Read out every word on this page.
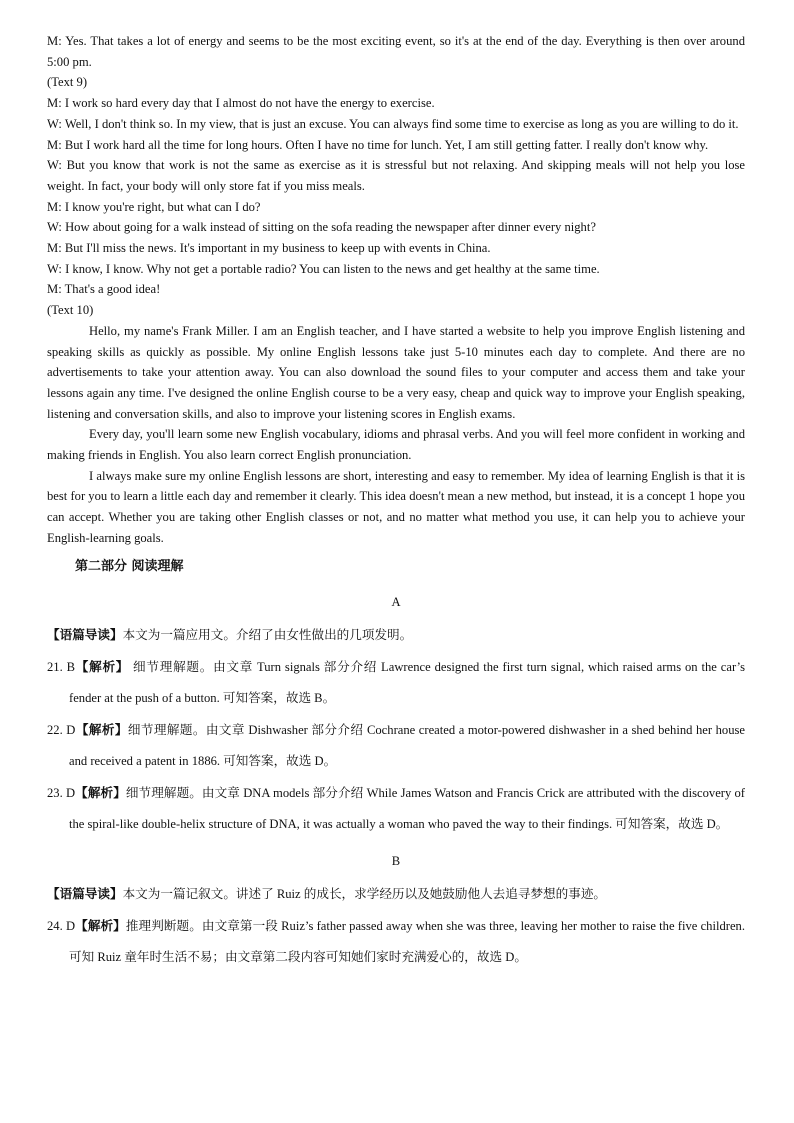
M: Yes. That takes a lot of energy and seems to be the most exciting event, so it's at the end of the day. Everything is then over around 5:00 pm.

(Text 9)

M: I work so hard every day that I almost do not have the energy to exercise.

W: Well, I don't think so. In my view, that is just an excuse. You can always find some time to exercise as long as you are willing to do it.

M: But I work hard all the time for long hours. Often I have no time for lunch. Yet, I am still getting fatter. I really don't know why.

W: But you know that work is not the same as exercise as it is stressful but not relaxing. And skipping meals will not help you lose weight. In fact, your body will only store fat if you miss meals.

M: I know you're right, but what can I do?

W: How about going for a walk instead of sitting on the sofa reading the newspaper after dinner every night?

M: But I'll miss the news. It's important in my business to keep up with events in China.

W: I know, I know. Why not get a portable radio? You can listen to the news and get healthy at the same time.

M: That's a good idea!

(Text 10)

Hello, my name's Frank Miller. I am an English teacher, and I have started a website to help you improve English listening and speaking skills as quickly as possible. My online English lessons take just 5-10 minutes each day to complete. And there are no advertisements to take your attention away. You can also download the sound files to your computer and access them and take your lessons again any time. I've designed the online English course to be a very easy, cheap and quick way to improve your English speaking, listening and conversation skills, and also to improve your listening scores in English exams.

Every day, you'll learn some new English vocabulary, idioms and phrasal verbs. And you will feel more confident in working and making friends in English. You also learn correct English pronunciation.

I always make sure my online English lessons are short, interesting and easy to remember. My idea of learning English is that it is best for you to learn a little each day and remember it clearly. This idea doesn't mean a new method, but instead, it is a concept 1 hope you can accept. Whether you are taking other English classes or not, and no matter what method you use, it can help you to achieve your English-learning goals.

第二部分 阅读理解

A

【语篇导读】本文为一篇应用文。介绍了由女性做出的几项发明。

21. B【解析】 细节理解题。由文章 Turn signals 部分介绍 Lawrence designed the first turn signal, which raised arms on the car’s fender at the push of a button. 可知答案，故选 B。

22. D【解析】细节理解题。由文章 Dishwasher 部分介绍 Cochrane created a motor-powered dishwasher in a shed behind her house and received a patent in 1886. 可知答案，故选 D。

23. D【解析】细节理解题。由文章 DNA models 部分介绍 While James Watson and Francis Crick are attributed with the discovery of the spiral-like double-helix structure of DNA, it was actually a woman who paved the way to their findings. 可知答案，故选 D。

B

【语篇导读】本文为一篇记叙文。讲述了 Ruiz 的成长，求学经历以及她鼓励他人去追寻梦想的事迹。

24. D【解析】推理判断题。由文章第一段 Ruiz’s father passed away when she was three, leaving her mother to raise the five children. 可知 Ruiz 童年时生活不易；由文章第二段内容可知她们家时充满爱心的，故选 D。
